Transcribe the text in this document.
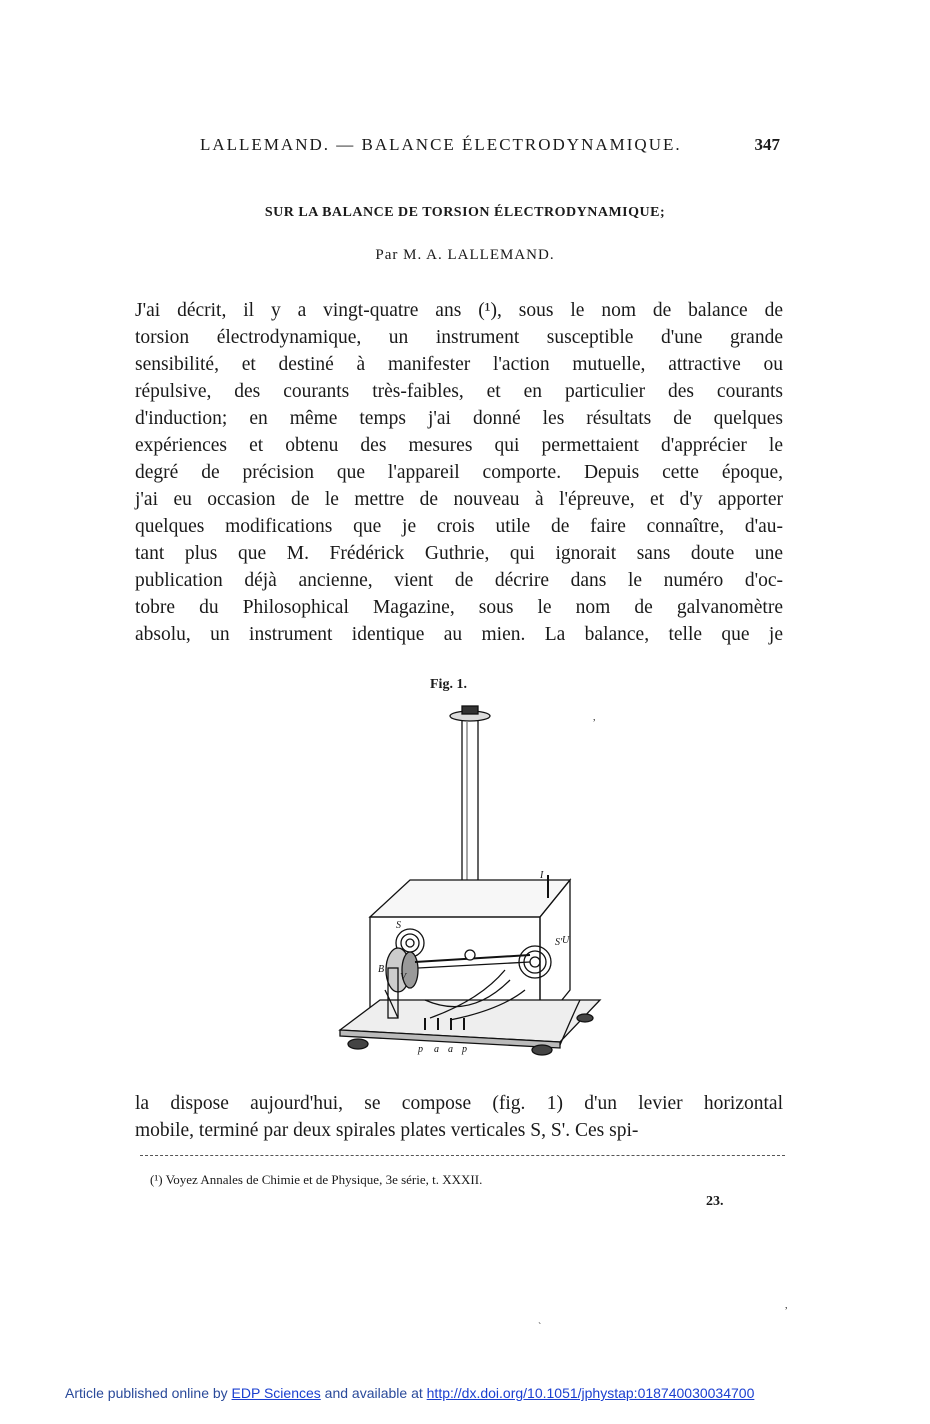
LALLEMAND. — BALANCE ÉLECTRODYNAMIQUE.	347
SUR LA BALANCE DE TORSION ÉLECTRODYNAMIQUE;
Par M. A. LALLEMAND.
J'ai décrit, il y a vingt-quatre ans (¹), sous le nom de balance de
torsion électrodynamique, un instrument susceptible d'une grande
sensibilité, et destiné à manifester l'action mutuelle, attractive ou
répulsive, des courants très-faibles, et en particulier des courants
d'induction; en même temps j'ai donné les résultats de quelques
expériences et obtenu des mesures qui permettaient d'apprécier le
degré de précision que l'appareil comporte. Depuis cette époque,
j'ai eu occasion de le mettre de nouveau à l'épreuve, et d'y apporter
quelques modifications que je crois utile de faire connaître, d'au-
tant plus que M. Frédérick Guthrie, qui ignorait sans doute une
publication déjà ancienne, vient de décrire dans le numéro d'oc-
tobre du Philosophical Magazine, sous le nom de galvanomètre
absolu, un instrument identique au mien. La balance, telle que je
Fig. 1.
I
S
S'
B
U
V
p a a p
la dispose aujourd'hui, se compose (fig. 1) d'un levier horizontal
mobile, terminé par deux spirales plates verticales S, S'. Ces spi-
(¹) Voyez Annales de Chimie et de Physique, 3e série, t. XXXII.
23.
,
,
`
Article published online by EDP Sciences and available at http://dx.doi.org/10.1051/jphystap:018740030034700
